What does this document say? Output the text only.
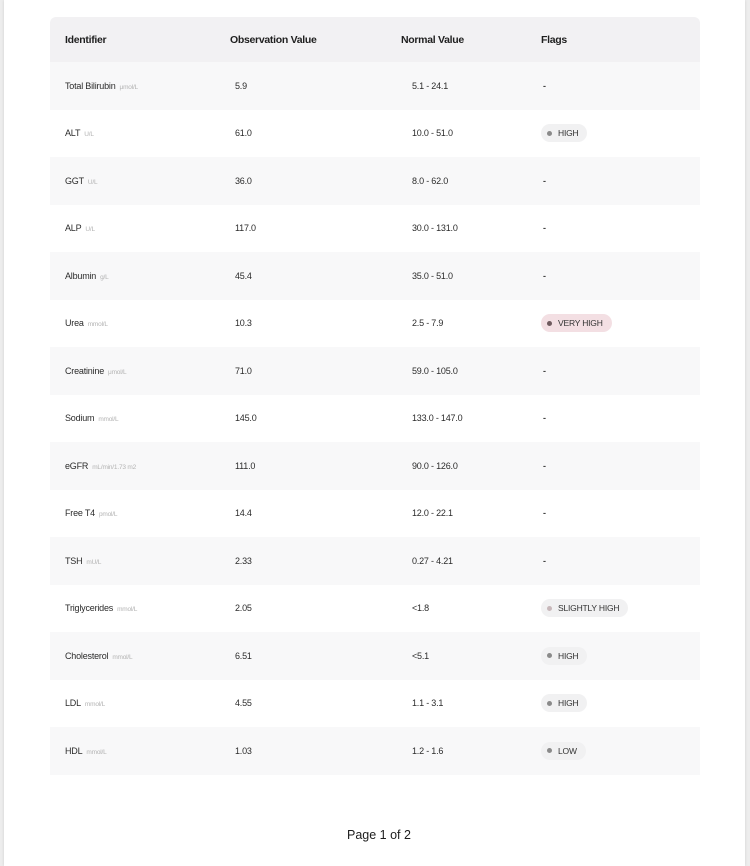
Identifier	Observation Value	Normal Value	Flags
Total Bilirubin μmol/L	5.9	5.1 - 24.1	-
ALT U/L	61.0	10.0 - 51.0	HIGH
GGT U/L	36.0	8.0 - 62.0	-
ALP U/L	117.0	30.0 - 131.0	-
Albumin g/L	45.4	35.0 - 51.0	-
Urea mmol/L	10.3	2.5 - 7.9	VERY HIGH
Creatinine μmol/L	71.0	59.0 - 105.0	-
Sodium mmol/L	145.0	133.0 - 147.0	-
eGFR mL/min/1.73 m2	111.0	90.0 - 126.0	-
Free T4 pmol/L	14.4	12.0 - 22.1	-
TSH mU/L	2.33	0.27 - 4.21	-
Triglycerides mmol/L	2.05	<1.8	SLIGHTLY HIGH
Cholesterol mmol/L	6.51	<5.1	HIGH
LDL mmol/L	4.55	1.1 - 3.1	HIGH
HDL mmol/L	1.03	1.2 - 1.6	LOW
Page 1 of 2
